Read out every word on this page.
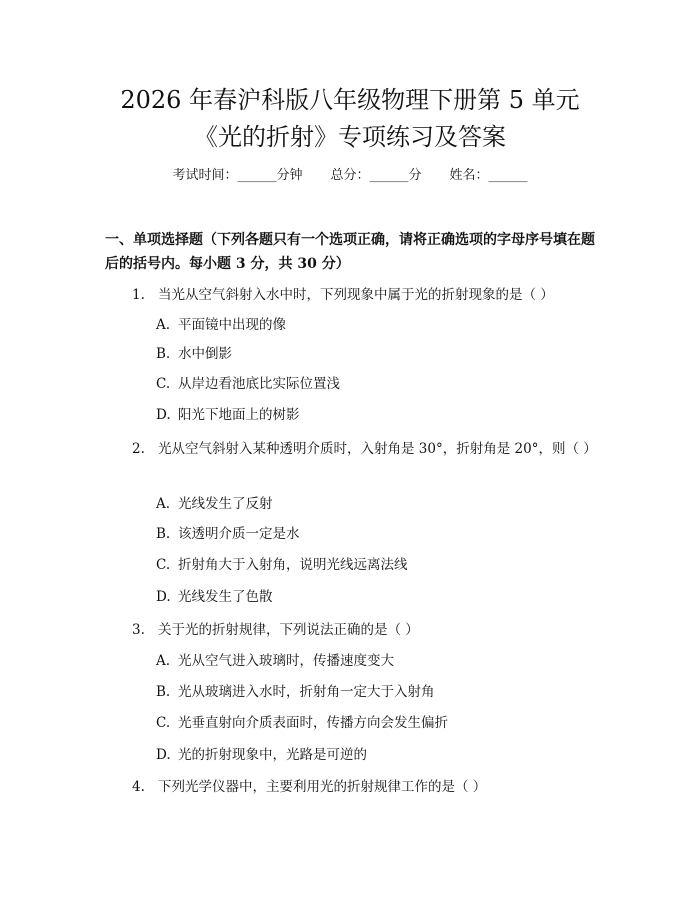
2026 年春沪科版八年级物理下册第 5 单元
《光的折射》专项练习及答案
考试时间：______分钟 总分：______分 姓名：______
一、单项选择题（下列各题只有一个选项正确，请将正确选项的字母序号填在题后的括号内。每小题 3 分，共 30 分）
1. 当光从空气斜射入水中时，下列现象中属于光的折射现象的是（ ）
A. 平面镜中出现的像
B. 水中倒影
C. 从岸边看池底比实际位置浅
D. 阳光下地面上的树影
2. 光从空气斜射入某种透明介质时，入射角是 30°，折射角是 20°，则（ ）
A. 光线发生了反射
B. 该透明介质一定是水
C. 折射角大于入射角，说明光线远离法线
D. 光线发生了色散
3. 关于光的折射规律，下列说法正确的是（ ）
A. 光从空气进入玻璃时，传播速度变大
B. 光从玻璃进入水时，折射角一定大于入射角
C. 光垂直射向介质表面时，传播方向会发生偏折
D. 光的折射现象中，光路是可逆的
4. 下列光学仪器中，主要利用光的折射规律工作的是（ ）
